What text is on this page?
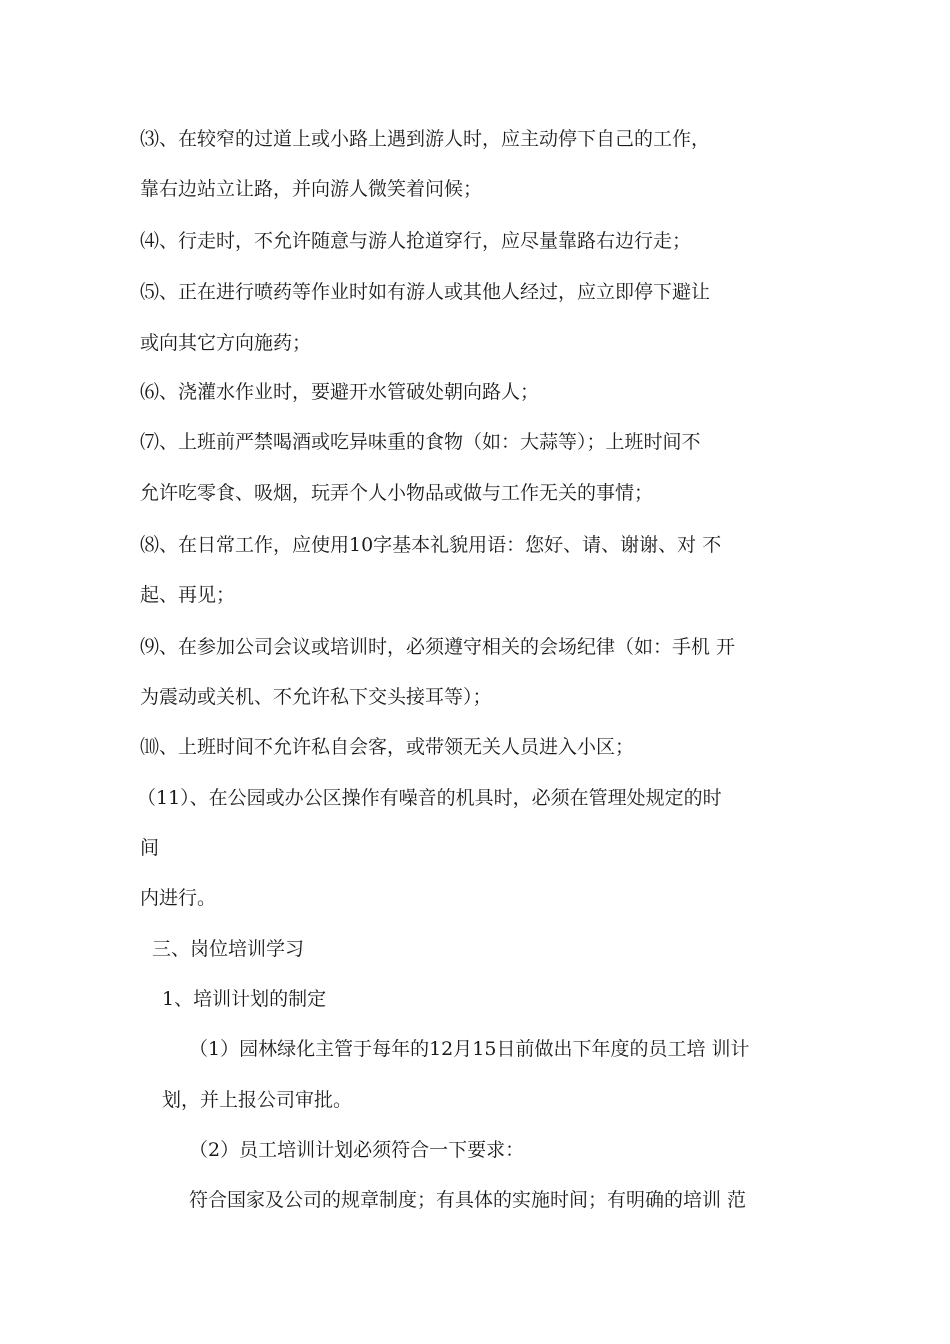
⑶、在较窄的过道上或小路上遇到游人时，应主动停下自己的工作，

靠右边站立让路，并向游人微笑着问候；

⑷、行走时，不允许随意与游人抢道穿行，应尽量靠路右边行走；

⑸、正在进行喷药等作业时如有游人或其他人经过，应立即停下避让

或向其它方向施药；

⑹、浇灌水作业时，要避开水管破处朝向路人；

⑺、上班前严禁喝酒或吃异味重的食物（如：大蒜等）；上班时间不

允许吃零食、吸烟，玩弄个人小物品或做与工作无关的事情；

⑻、在日常工作，应使用10字基本礼貌用语：您好、请、谢谢、对 不

起、再见；

⑼、在参加公司会议或培训时，必须遵守相关的会场纪律（如：手机 开

为震动或关机、不允许私下交头接耳等）；

⑽、上班时间不允许私自会客，或带领无关人员进入小区；

（11）、在公园或办公区操作有噪音的机具时，必须在管理处规定的时

间

内进行。

三、岗位培训学习

1、培训计划的制定

（1）园林绿化主管于每年的12月15日前做出下年度的员工培 训计

划，并上报公司审批。

（2）员工培训计划必须符合一下要求：

符合国家及公司的规章制度；有具体的实施时间；有明确的培训 范
